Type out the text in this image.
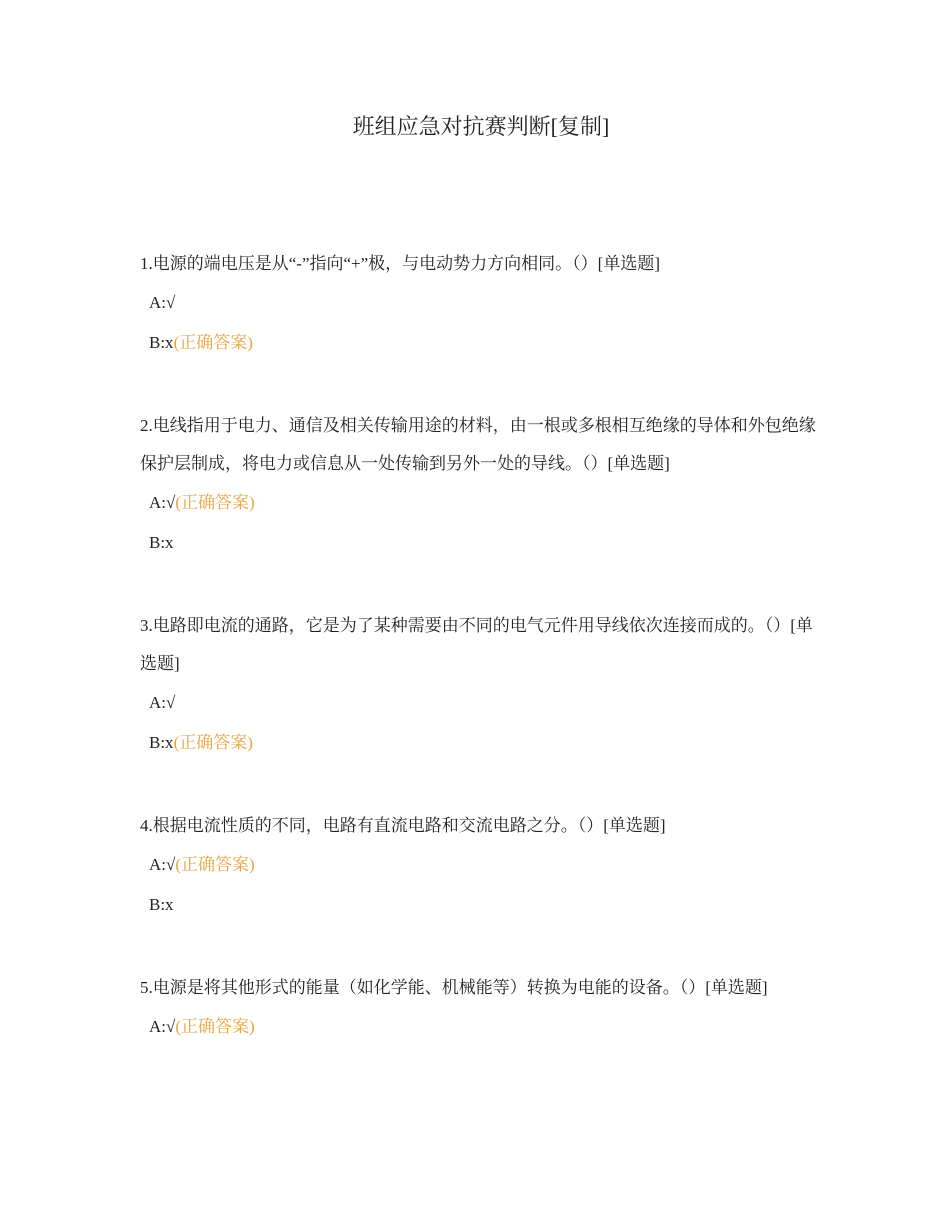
班组应急对抗赛判断[复制]

1.电源的端电压是从“-”指向“+”极，与电动势力方向相同。（）[单选题]

A:√
B:x (正确答案)

2.电线指用于电力、通信及相关传输用途的材料，由一根或多根相互绝缘的导体和外包绝缘保护层制成，将电力或信息从一处传输到另外一处的导线。（）[单选题]

A:√ (正确答案)
B:x

3.电路即电流的通路，它是为了某种需要由不同的电气元件用导线依次连接而成的。（）[单选题]

A:√
B:x (正确答案)

4.根据电流性质的不同，电路有直流电路和交流电路之分。（）[单选题]

A:√ (正确答案)
B:x

5.电源是将其他形式的能量（如化学能、机械能等）转换为电能的设备。（）[单选题]

A:√ (正确答案)
